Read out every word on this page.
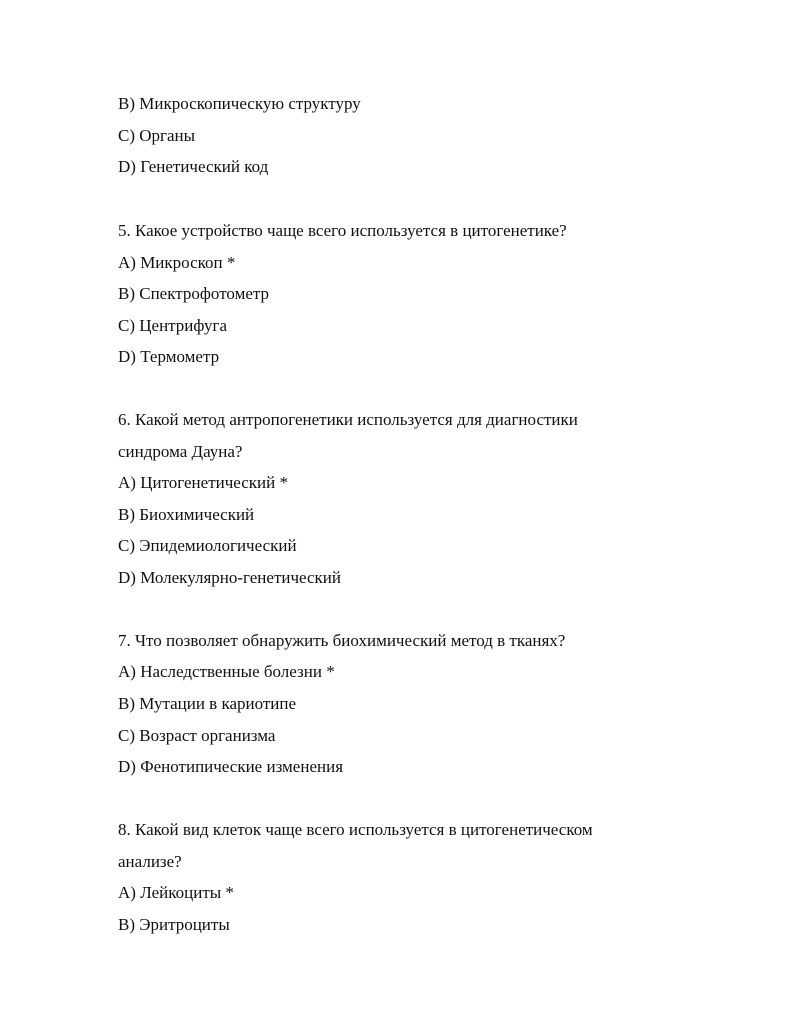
B) Микроскопическую структуру
C) Органы
D) Генетический код
5. Какое устройство чаще всего используется в цитогенетике?
A) Микроскоп *
B) Спектрофотометр
C) Центрифуга
D) Термометр
6. Какой метод антропогенетики используется для диагностики
синдрома Дауна?
A) Цитогенетический *
B) Биохимический
C) Эпидемиологический
D) Молекулярно-генетический
7. Что позволяет обнаружить биохимический метод в тканях?
A) Наследственные болезни *
B) Мутации в кариотипе
C) Возраст организма
D) Фенотипические изменения
8. Какой вид клеток чаще всего используется в цитогенетическом
анализе?
A) Лейкоциты *
B) Эритроциты
